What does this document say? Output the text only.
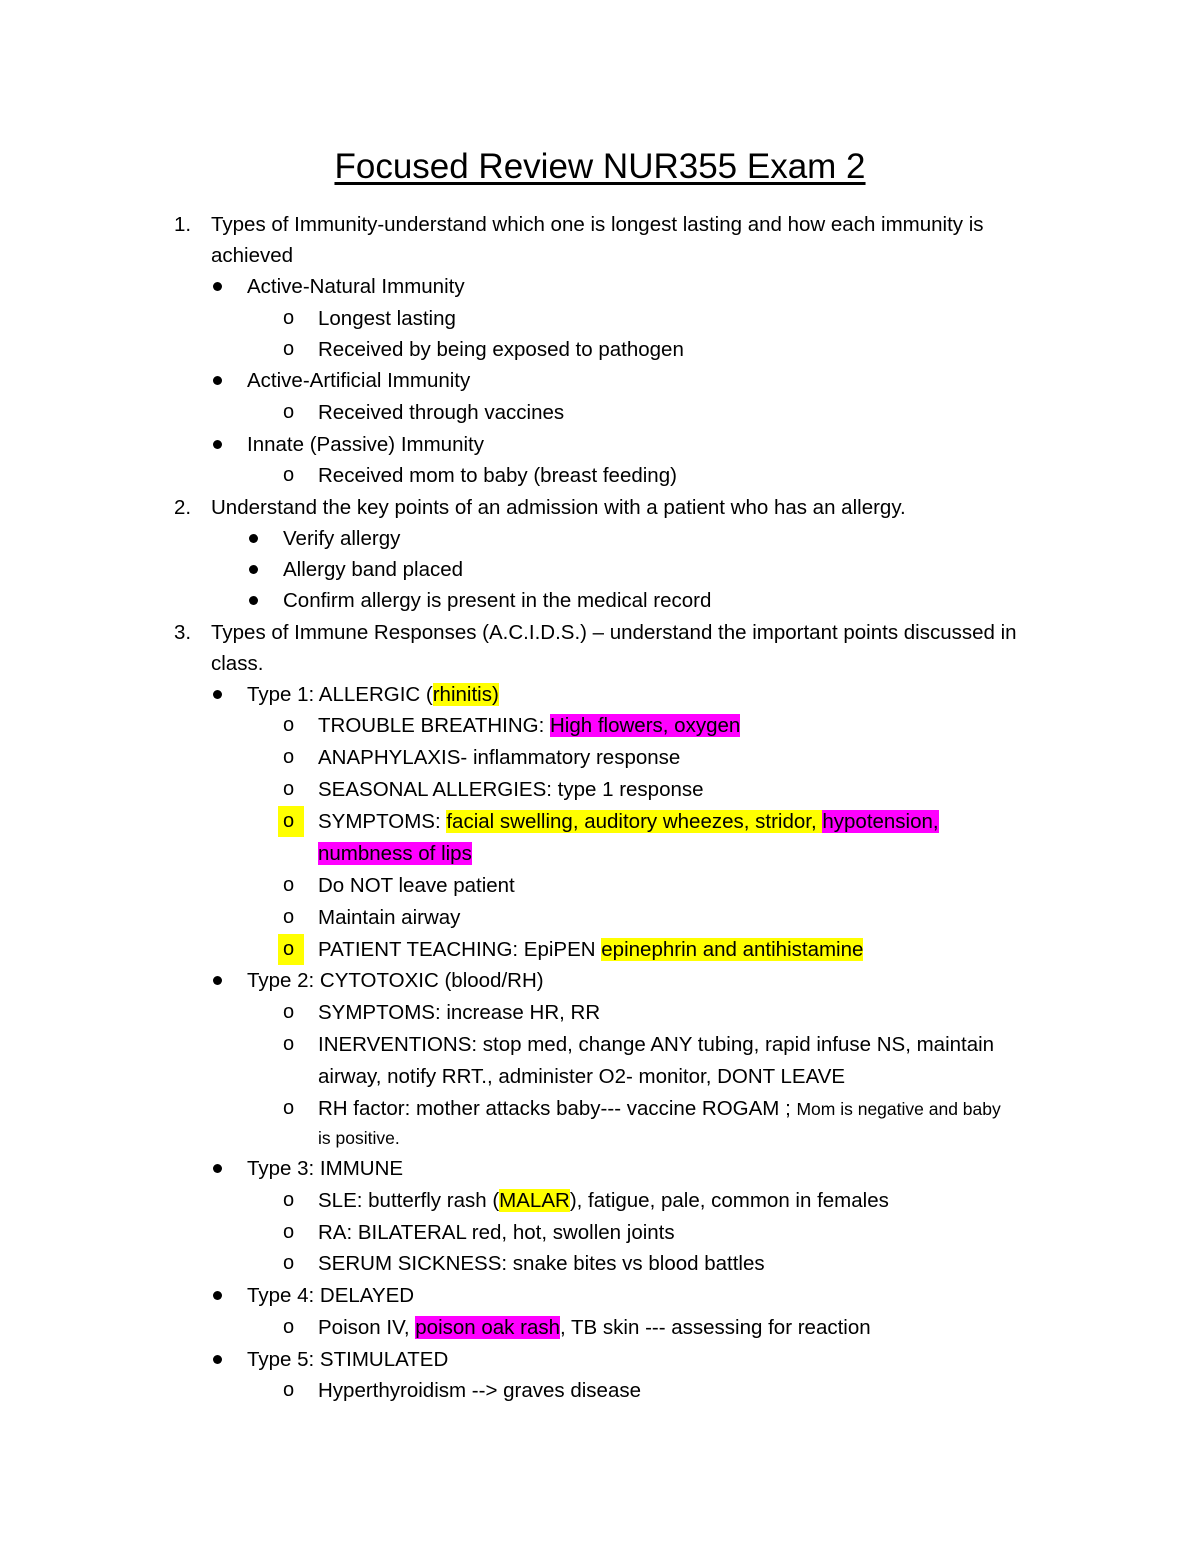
Focused Review NUR355 Exam 2
1. Types of Immunity-understand which one is longest lasting and how each immunity is
achieved
Active-Natural Immunity
o Longest lasting
o Received by being exposed to pathogen
Active-Artificial Immunity
o Received through vaccines
Innate (Passive) Immunity
o Received mom to baby (breast feeding)
2. Understand the key points of an admission with a patient who has an allergy.
Verify allergy
Allergy band placed
Confirm allergy is present in the medical record
3. Types of Immune Responses (A.C.I.D.S.) – understand the important points discussed in
class.
Type 1: ALLERGIC (rhinitis)
o TROUBLE BREATHING: High flowers, oxygen
o ANAPHYLAXIS- inflammatory response
o SEASONAL ALLERGIES: type 1 response
o	SYMPTOMS: facial swelling, auditory wheezes, stridor, hypotension,
numbness of lips
o Do NOT leave patient
o Maintain airway
o	PATIENT TEACHING: EpiPEN epinephrin and antihistamine
Type 2: CYTOTOXIC (blood/RH)
o SYMPTOMS: increase HR, RR
o INERVENTIONS: stop med, change ANY tubing, rapid infuse NS, maintain
airway, notify RRT., administer O2- monitor, DONT LEAVE
o RH factor: mother attacks baby--- vaccine ROGAM ; Mom is negative and baby
is positive.
Type 3: IMMUNE
o SLE: butterfly rash (MALAR), fatigue, pale, common in females
o RA: BILATERAL red, hot, swollen joints
o SERUM SICKNESS: snake bites vs blood battles
Type 4: DELAYED
o Poison IV, poison oak rash, TB skin --- assessing for reaction
Type 5: STIMULATED
o Hyperthyroidism --> graves disease
